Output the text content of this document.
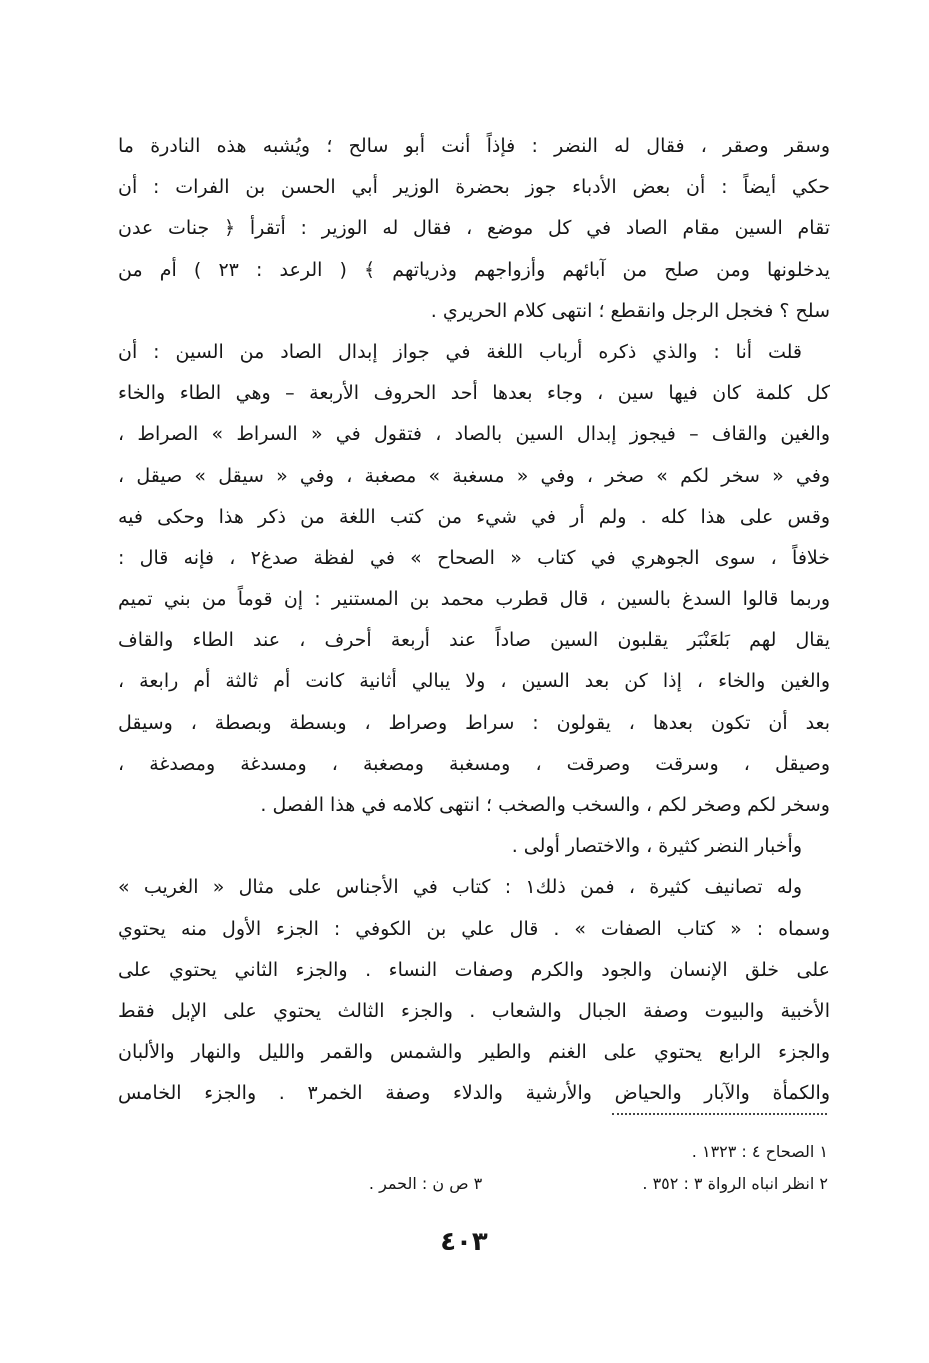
وسقر وصقر ، فقال له النضر : فإذاً أنت أبو سالح ؛ ويُشبه هذه النادرة ما
حكي أيضاً : أن بعض الأدباء جوز بحضرة الوزير أبي الحسن بن الفرات : أن
تقام السين مقام الصاد في كل موضع ، فقال له الوزير : أتقرأ ﴿ جنات عدن
يدخلونها ومن صلح من آبائهم وأزواجهم وذرياتهم ﴾ ( الرعد : ٢٣ ) أم من
سلح ؟ فخجل الرجل وانقطع ؛ انتهى كلام الحريري .
قلت أنا : والذي ذكره أرباب اللغة في جواز إبدال الصاد من السين : أن
كل كلمة كان فيها سين ، وجاء بعدها أحد الحروف الأربعة – وهي الطاء والخاء
والغين والقاف – فيجوز إبدال السين بالصاد ، فتقول في « السراط » الصراط ،
وفي « سخر لكم » صخر ، وفي « مسغبة » مصغبة ، وفي « سيقل » صيقل ،
وقس على هذا كله . ولم أر في شيء من كتب اللغة من ذكر هذا وحكى فيه
خلافاً ، سوى الجوهري في كتاب « الصحاح » في لفظة صدغ٢ ، فإنه قال :
وربما قالوا السدغ بالسين ، قال قطرب محمد بن المستنير : إن قوماً من بني تميم
يقال لهم بَلعَنْبَر يقلبون السين صاداً عند أربعة أحرف ، عند الطاء والقاف
والغين والخاء ، إذا كن بعد السين ، ولا يبالي أثانية كانت أم ثالثة أم رابعة ،
بعد أن تكون بعدها ، يقولون : سراط وصراط ، وبسطة وبصطة ، وسيقل
وصيقل ، وسرقت وصرقت ، ومسغبة ومصغبة ، ومسدغة ومصدغة ،
وسخر لكم وصخر لكم ، والسخب والصخب ؛ انتهى كلامه في هذا الفصل .
وأخبار النضر كثيرة ، والاختصار أولى .
وله تصانيف كثيرة ، فمن ذلك١ : كتاب في الأجناس على مثال « الغريب »
وسماه : « كتاب الصفات » . قال علي بن الكوفي : الجزء الأول منه يحتوي
على خلق الإنسان والجود والكرم وصفات النساء . والجزء الثاني يحتوي على
الأخبية والبيوت وصفة الجبال والشعاب . والجزء الثالث يحتوي على الإبل فقط
والجزء الرابع يحتوي على الغنم والطير والشمس والقمر والليل والنهار والألبان
والكمأة والآبار والحياض والأرشية والدلاء وصفة الخمر٣ . والجزء الخامس
١ الصحاح ٤ : ١٣٢٣ .
٢ انظر انباه الرواة ٣ : ٣٥٢ .  ٣ ص ن : الحمر .
٤٠٣
